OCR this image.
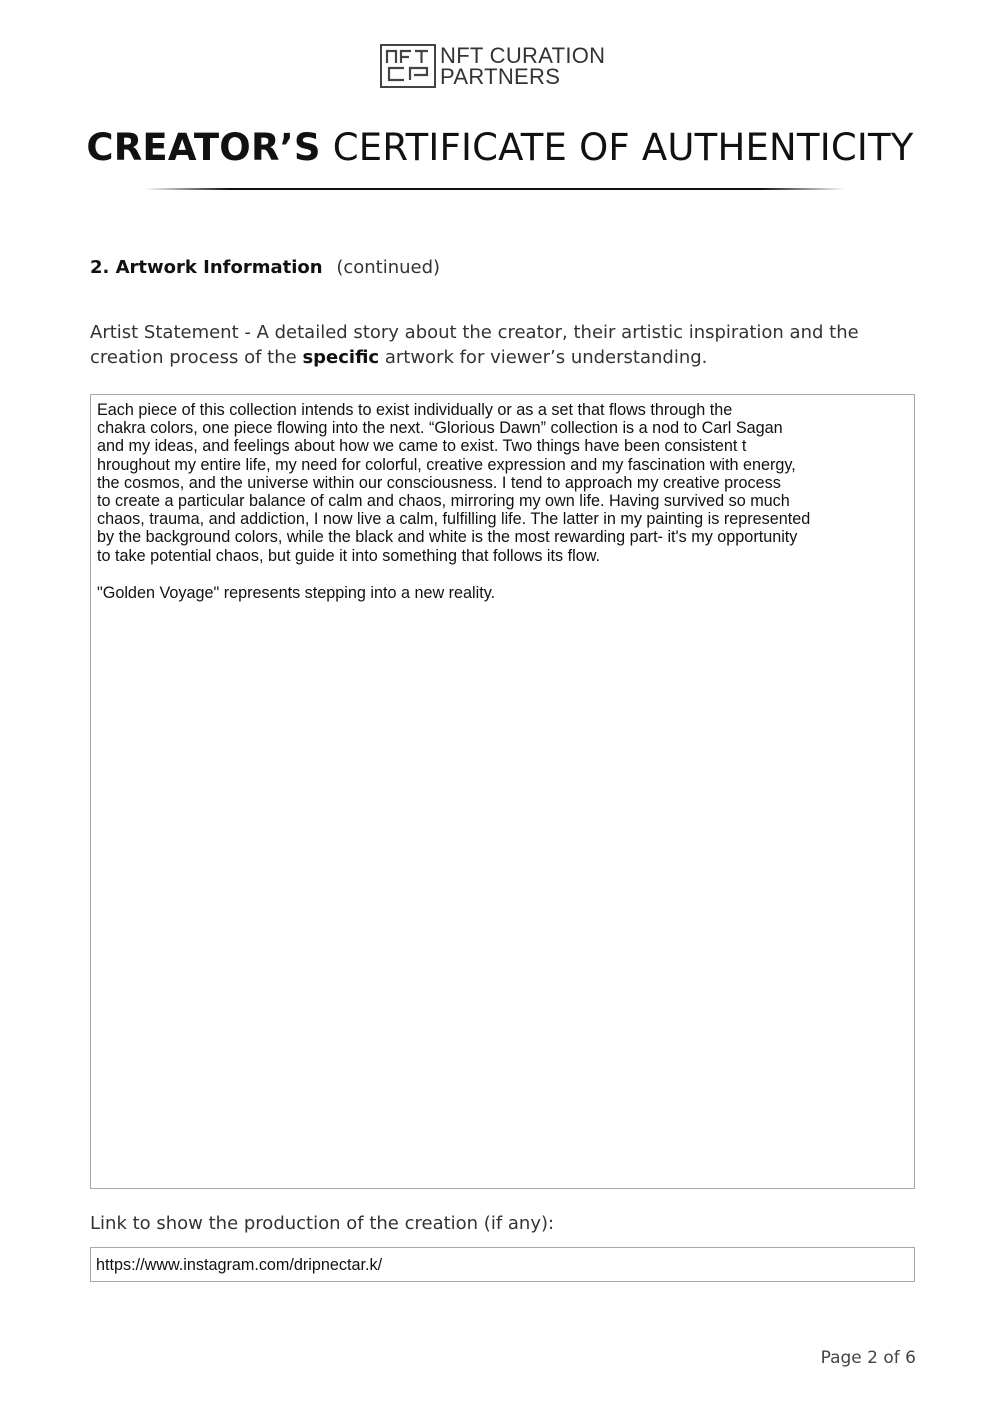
NFT CURATION
PARTNERS
CREATOR’S CERTIFICATE OF AUTHENTICITY
2. Artwork Information (continued)
Artist Statement - A detailed story about the creator, their artistic inspiration and the creation process of the specific artwork for viewer’s understanding.

Each piece of this collection intends to exist individually or as a set that flows through the
chakra colors, one piece flowing into the next. “Glorious Dawn” collection is a nod to Carl Sagan
and my ideas, and feelings about how we came to exist. Two things have been consistent t
hroughout my entire life, my need for colorful, creative expression and my fascination with energy,
the cosmos, and the universe within our consciousness. I tend to approach my creative process
to create a particular balance of calm and chaos, mirroring my own life. Having survived so much
chaos, trauma, and addiction, I now live a calm, fulfilling life. The latter in my painting is represented
by the background colors, while the black and white is the most rewarding part- it's my opportunity
to take potential chaos, but guide it into something that follows its flow.

"Golden Voyage" represents stepping into a new reality.

Link to show the production of the creation (if any):
https://www.instagram.com/dripnectar.k/
Page 2 of 6
